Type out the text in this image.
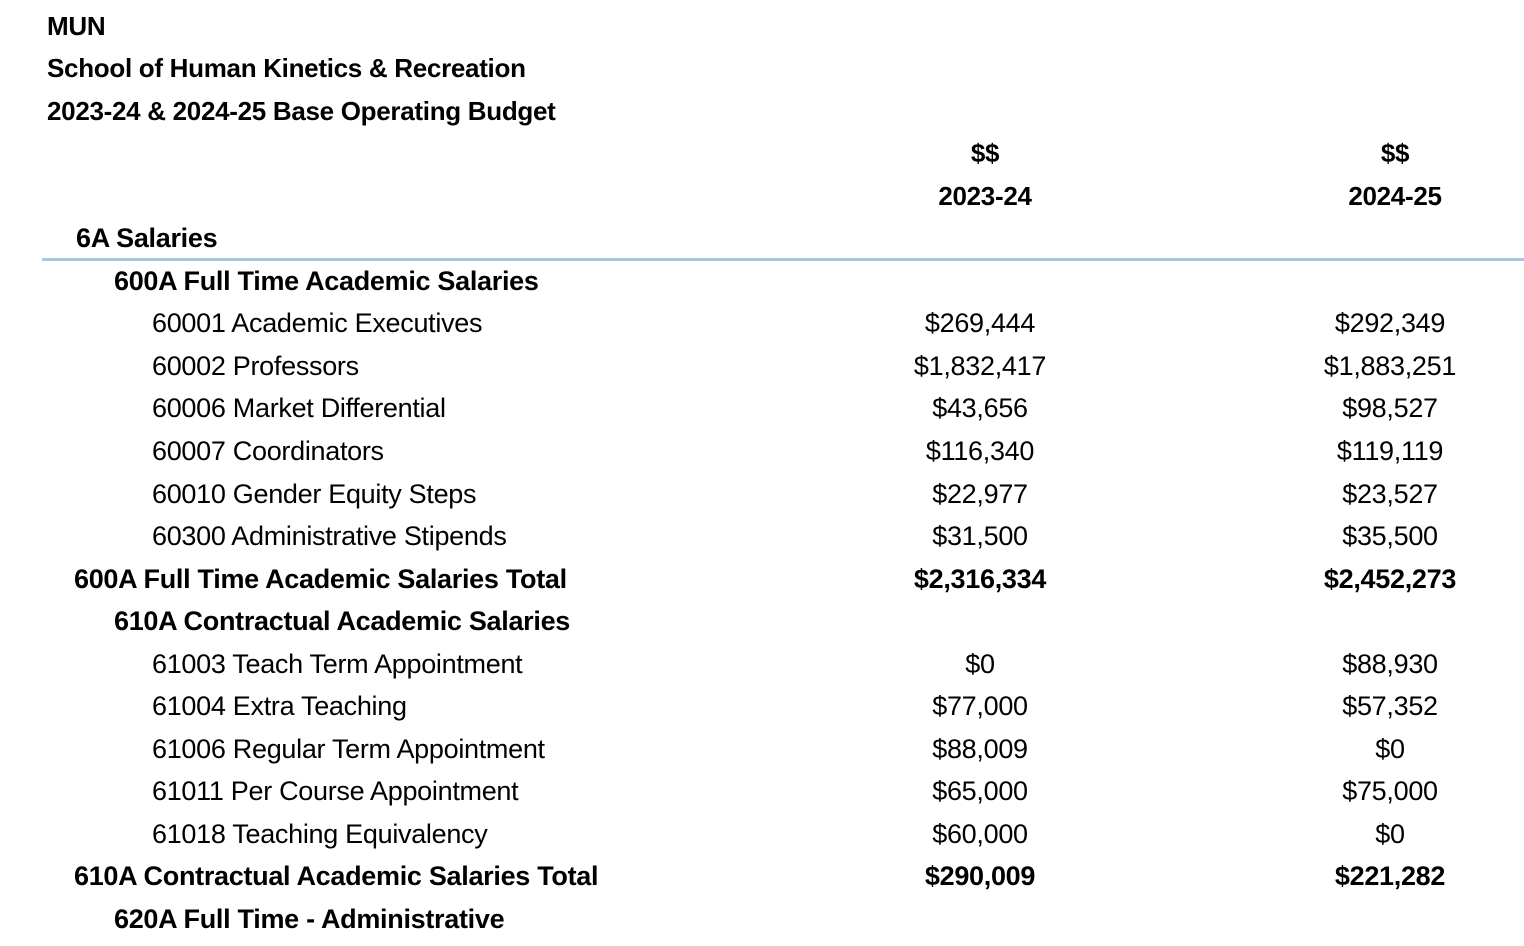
MUN
School of Human Kinetics & Recreation
2023-24 & 2024-25 Base Operating Budget
$$
2023-24
$$
2024-25
6A Salaries
600A Full Time Academic Salaries
60001 Academic Executives	$269,444	$292,349
60002 Professors	$1,832,417	$1,883,251
60006 Market Differential	$43,656	$98,527
60007 Coordinators	$116,340	$119,119
60010 Gender Equity Steps	$22,977	$23,527
60300 Administrative Stipends	$31,500	$35,500
600A Full Time Academic Salaries Total	$2,316,334	$2,452,273
610A Contractual Academic Salaries
61003 Teach Term Appointment	$0	$88,930
61004 Extra Teaching	$77,000	$57,352
61006 Regular Term Appointment	$88,009	$0
61011 Per Course Appointment	$65,000	$75,000
61018 Teaching Equivalency	$60,000	$0
610A Contractual Academic Salaries Total	$290,009	$221,282
620A Full Time - Administrative
